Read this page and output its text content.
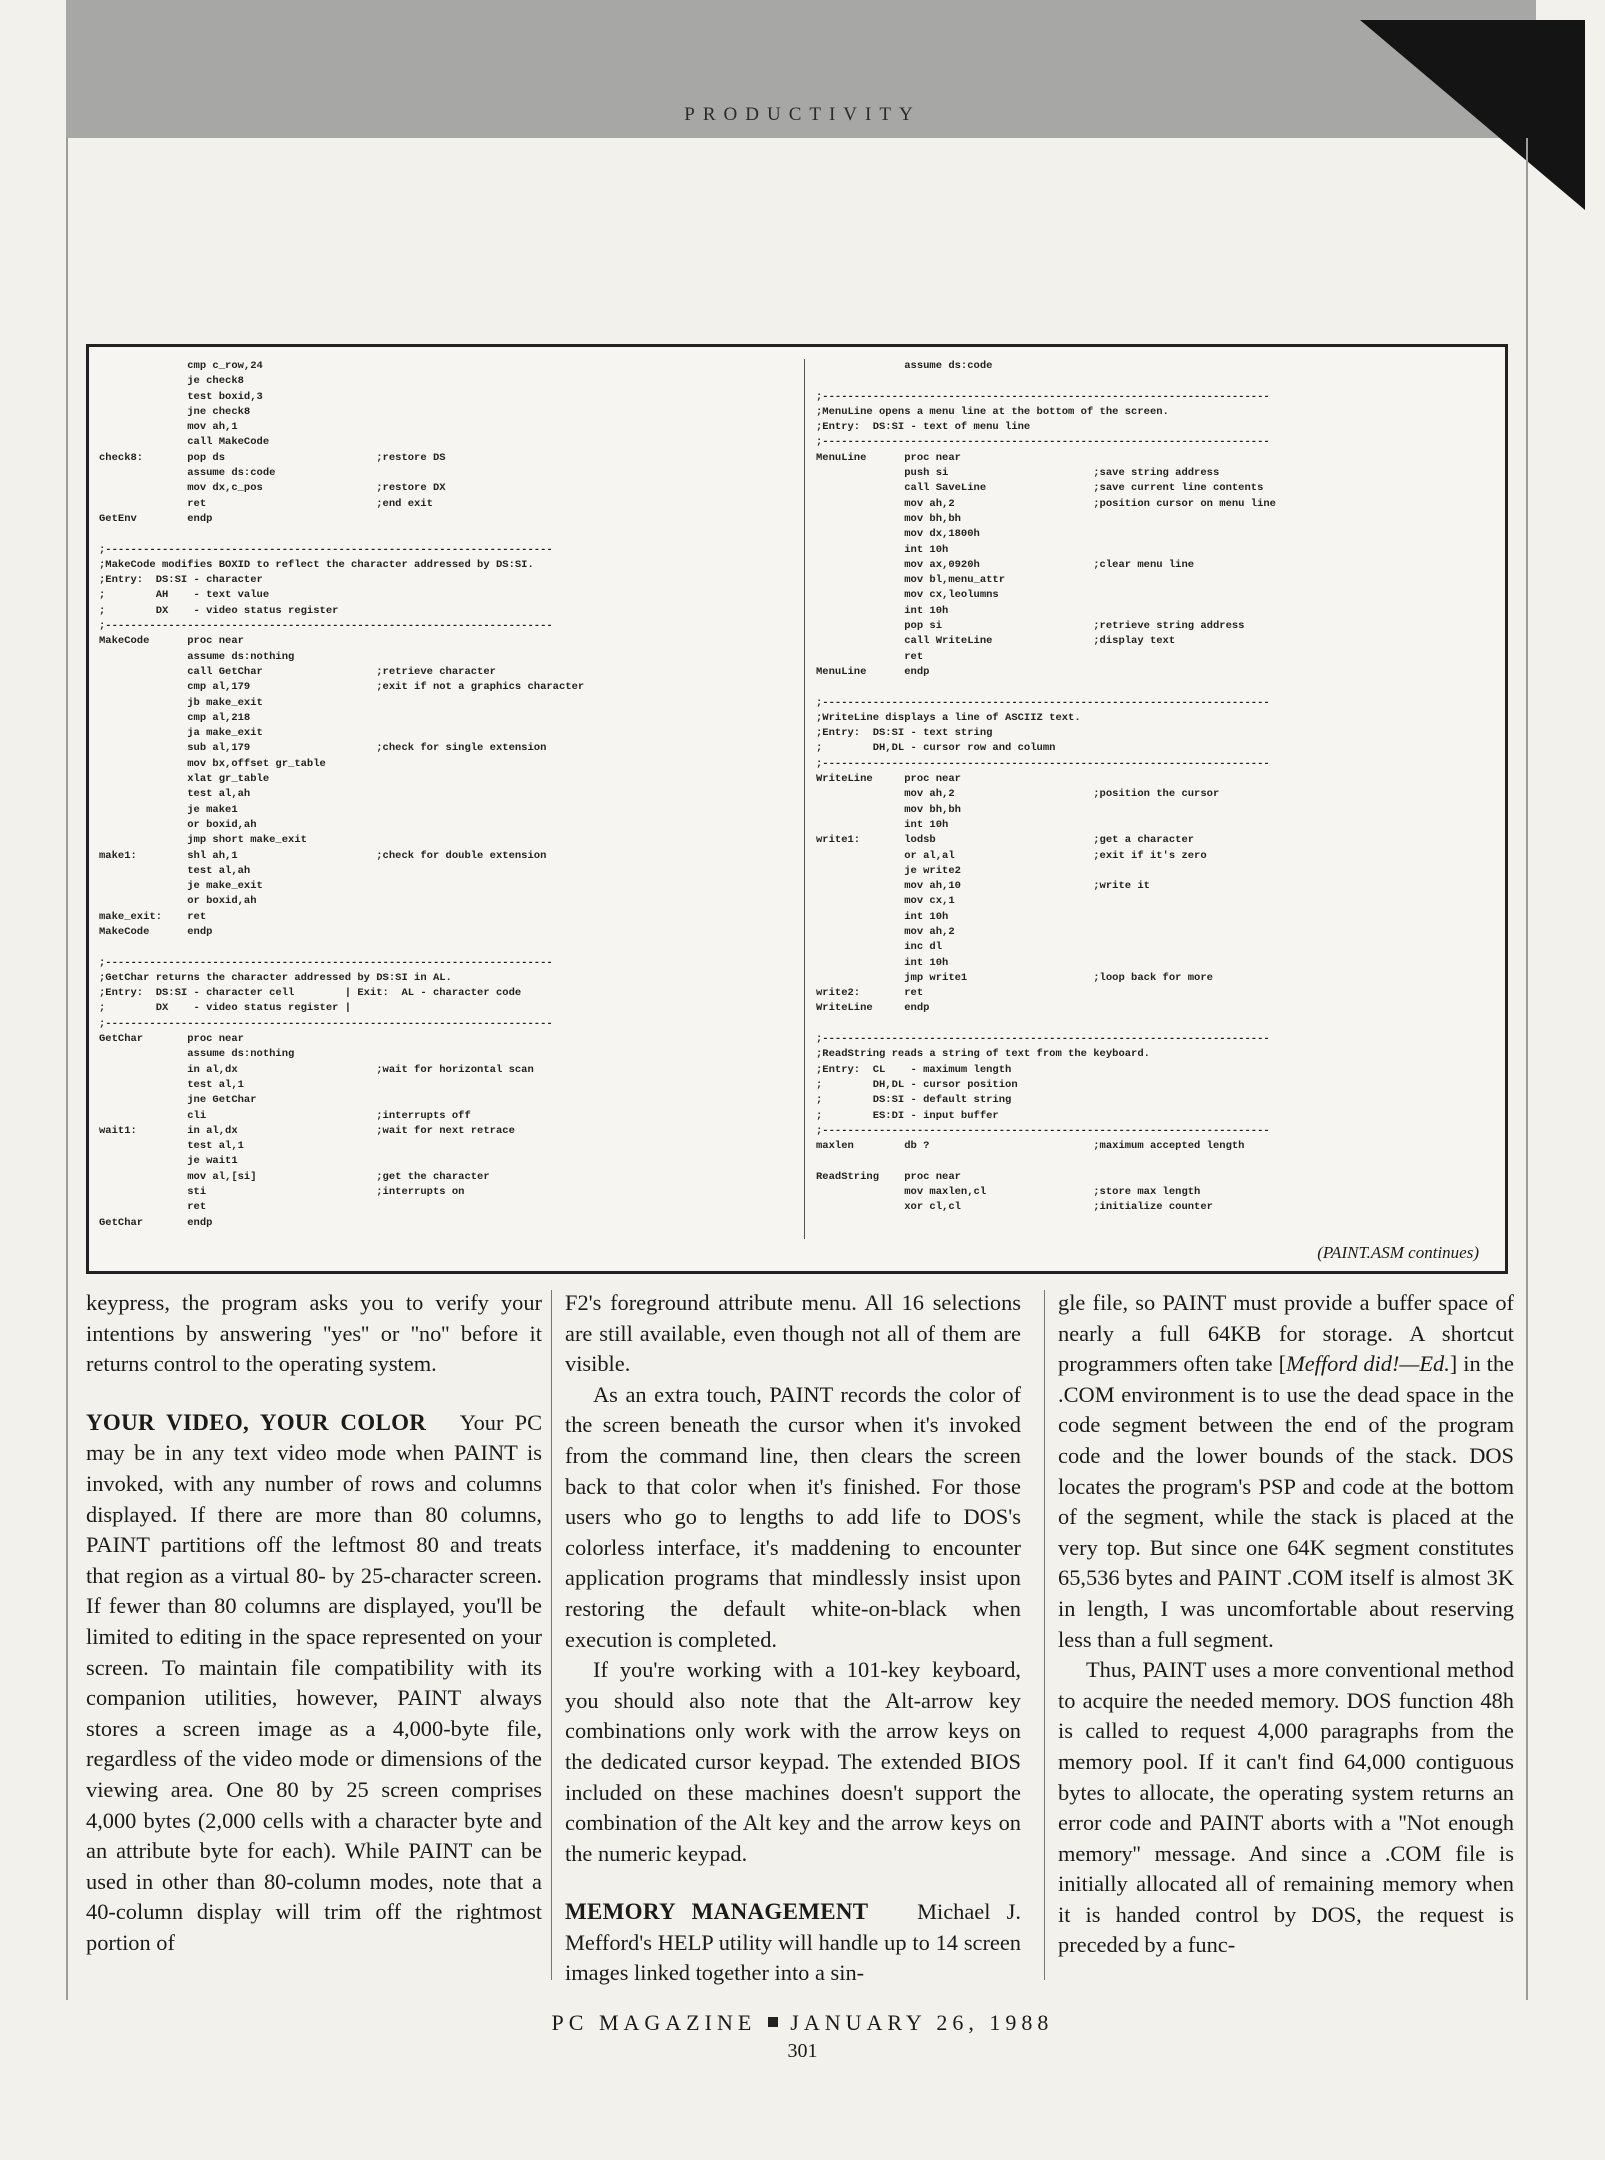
PRODUCTIVITY
cmp c_row,24
je check8
test boxid,3
jne check8
mov ah,1
call MakeCode
check8:       pop ds                        ;restore DS
assume ds:code
mov dx,c_pos                  ;restore DX
ret                           ;end exit
GetEnv        endp

;-----------------------------------------------------------------------
;MakeCode modifies BOXID to reflect the character addressed by DS:SI.
;Entry:  DS:SI - character
;        AH    - text value
;        DX    - video status register
;-----------------------------------------------------------------------
MakeCode      proc near
assume ds:nothing
call GetChar                  ;retrieve character
cmp al,179                    ;exit if not a graphics character
jb make_exit
cmp al,218
ja make_exit
sub al,179                    ;check for single extension
mov bx,offset gr_table
xlat gr_table
test al,ah
je make1
or boxid,ah
jmp short make_exit
make1:        shl ah,1                      ;check for double extension
test al,ah
je make_exit
or boxid,ah
make_exit:    ret
MakeCode      endp

;-----------------------------------------------------------------------
;GetChar returns the character addressed by DS:SI in AL.
;Entry:  DS:SI - character cell        | Exit:  AL - character code
;        DX    - video status register |
;-----------------------------------------------------------------------
GetChar       proc near
assume ds:nothing
in al,dx                      ;wait for horizontal scan
test al,1
jne GetChar
cli                           ;interrupts off
wait1:        in al,dx                      ;wait for next retrace
test al,1
je wait1
mov al,[si]                   ;get the character
sti                           ;interrupts on
ret
GetChar       endp
assume ds:code

;-----------------------------------------------------------------------
;MenuLine opens a menu line at the bottom of the screen.
;Entry:  DS:SI - text of menu line
;-----------------------------------------------------------------------
MenuLine      proc near
push si                       ;save string address
call SaveLine                 ;save current line contents
mov ah,2                      ;position cursor on menu line
mov bh,bh
mov dx,1800h
int 10h
mov ax,0920h                  ;clear menu line
mov bl,menu_attr
mov cx,leolumns
int 10h
pop si                        ;retrieve string address
call WriteLine                ;display text
ret
MenuLine      endp

;-----------------------------------------------------------------------
;WriteLine displays a line of ASCIIZ text.
;Entry:  DS:SI - text string
;        DH,DL - cursor row and column
;-----------------------------------------------------------------------
WriteLine     proc near
mov ah,2                      ;position the cursor
mov bh,bh
int 10h
write1:       lodsb                         ;get a character
or al,al                      ;exit if it's zero
je write2
mov ah,10                     ;write it
mov cx,1
int 10h
mov ah,2
inc dl
int 10h
jmp write1                    ;loop back for more
write2:       ret
WriteLine     endp

;-----------------------------------------------------------------------
;ReadString reads a string of text from the keyboard.
;Entry:  CL    - maximum length
;        DH,DL - cursor position
;        DS:SI - default string
;        ES:DI - input buffer
;-----------------------------------------------------------------------
maxlen        db ?                          ;maximum accepted length

ReadString    proc near
mov maxlen,cl                 ;store max length
xor cl,cl                     ;initialize counter
(PAINT.ASM continues)

keypress, the program asks you to verify your intentions by answering ''yes'' or ''no'' before it returns control to the operating system.

YOUR VIDEO, YOUR COLOR Your PC may be in any text video mode when PAINT is invoked, with any number of rows and columns displayed. If there are more than 80 columns, PAINT partitions off the leftmost 80 and treats that region as a virtual 80- by 25-character screen. If fewer than 80 columns are displayed, you'll be limited to editing in the space represented on your screen. To maintain file compatibility with its companion utilities, however, PAINT always stores a screen image as a 4,000-byte file, regardless of the video mode or dimensions of the viewing area. One 80 by 25 screen comprises 4,000 bytes (2,000 cells with a character byte and an attribute byte for each). While PAINT can be used in other than 80-column modes, note that a 40-column display will trim off the rightmost portion of

F2's foreground attribute menu. All 16 selections are still available, even though not all of them are visible.

As an extra touch, PAINT records the color of the screen beneath the cursor when it's invoked from the command line, then clears the screen back to that color when it's finished. For those users who go to lengths to add life to DOS's colorless interface, it's maddening to encounter application programs that mindlessly insist upon restoring the default white-on-black when execution is completed.

If you're working with a 101-key keyboard, you should also note that the Alt-arrow key combinations only work with the arrow keys on the dedicated cursor keypad. The extended BIOS included on these machines doesn't support the combination of the Alt key and the arrow keys on the numeric keypad.

MEMORY MANAGEMENT Michael J. Mefford's HELP utility will handle up to 14 screen images linked together into a sin-

gle file, so PAINT must provide a buffer space of nearly a full 64KB for storage. A shortcut programmers often take [Mefford did!—Ed.] in the .COM environment is to use the dead space in the code segment between the end of the program code and the lower bounds of the stack. DOS locates the program's PSP and code at the bottom of the segment, while the stack is placed at the very top. But since one 64K segment constitutes 65,536 bytes and PAINT .COM itself is almost 3K in length, I was uncomfortable about reserving less than a full segment.

Thus, PAINT uses a more conventional method to acquire the needed memory. DOS function 48h is called to request 4,000 paragraphs from the memory pool. If it can't find 64,000 contiguous bytes to allocate, the operating system returns an error code and PAINT aborts with a ''Not enough memory'' message. And since a .COM file is initially allocated all of remaining memory when it is handed control by DOS, the request is preceded by a func-

PC MAGAZINE JANUARY 26, 1988
301
